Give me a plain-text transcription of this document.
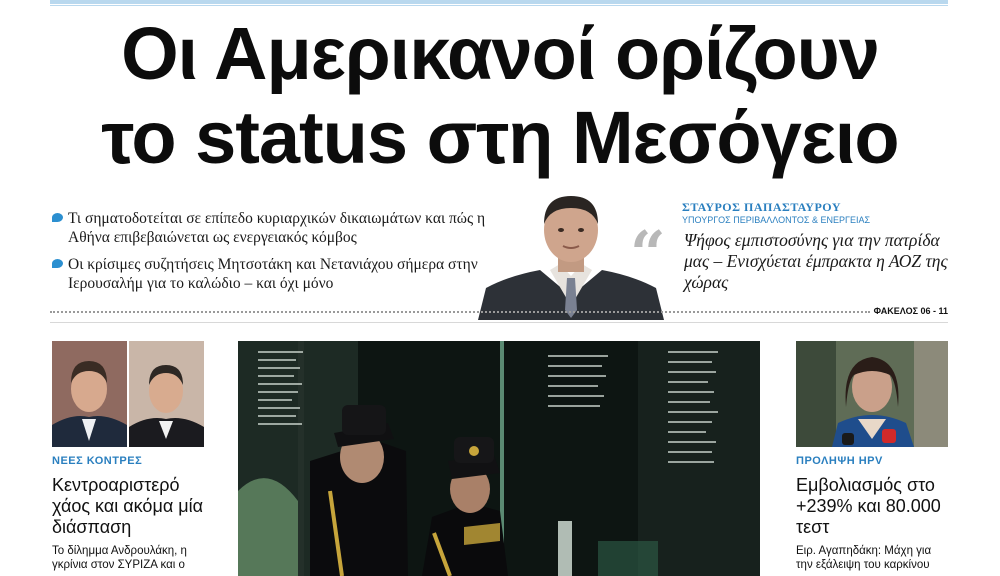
Οι Αμερικανοί ορίζουν
το status στη Μεσόγειο
Τι σηματοδοτείται σε επίπεδο κυριαρχικών δικαιωμάτων και πώς η Αθήνα επιβεβαιώνεται ως ενεργειακός κόμβος
Οι κρίσιμες συζητήσεις Μητσοτάκη και Νετανιάχου σήμερα στην Ιερουσαλήμ για το καλώδιο – και όχι μόνο	“
ΣΤΑΥΡΟΣ ΠΑΠΑΣΤΑΥΡΟΥ
ΥΠΟΥΡΓΟΣ ΠΕΡΙΒΑΛΛΟΝΤΟΣ & ΕΝΕΡΓΕΙΑΣ
Ψήφος εμπιστοσύνης για την πατρίδα μας – Ενισχύεται έμπρακτα η ΑΟΖ της χώρας
ΦΑΚΕΛΟΣ 06 - 11
ΝΕΕΣ ΚΟΝΤΡΕΣ
Κεντροαριστερό χάος και ακόμα μία διάσπαση
Το δίλημμα Ανδρουλάκη, η γκρίνια στον ΣΥΡΙΖΑ και ο
ΠΡΟΛΗΨΗ HPV
Εμβολιασμός στο +239% και 80.000 τεστ
Ειρ. Αγαπηδάκη: Μάχη για την εξάλειψη του καρκίνου
